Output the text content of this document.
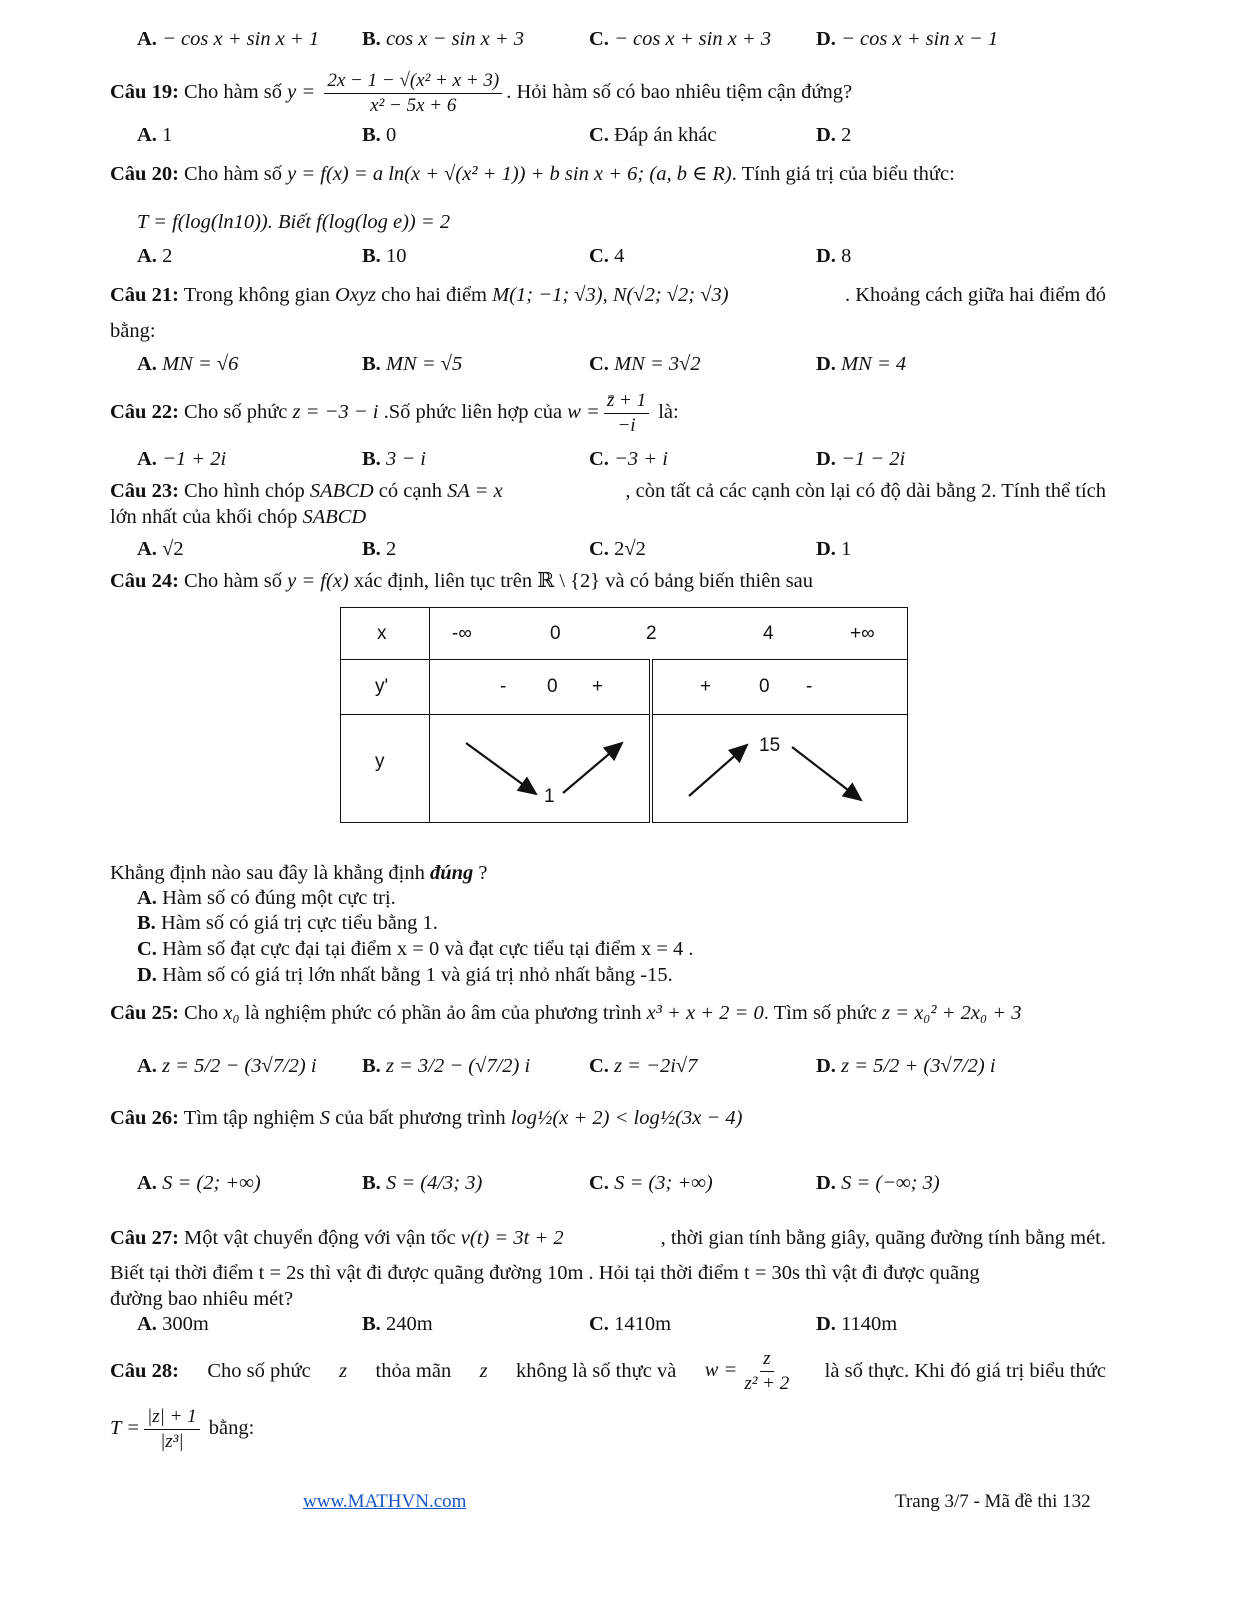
A. − cos x + sin x + 1 B. cos x − sin x + 3	C. − cos x + sin x + 3 D. − cos x + sin x − 1
Câu 19: Cho hàm số $y = \frac{\text{2x − 1 − √(x² + x + 3)}}{\text{x² − 5x + 6}}$ . Hỏi hàm số có bao nhiêu tiệm cận đứng?
A. 1	B. 0	C. Đáp án khác	D. 2
Câu 20: Cho hàm số y = f(x) = a ln(x + √(x² + 1)) + b sin x + 6; (a, b ∈ R). Tính giá trị của biểu thức:
T = f(log(ln10)). Biết f(log(log e)) = 2
A. 2	B. 10	C. 4	D. 8
Câu 21: Trong không gian Oxyz cho hai điểm M(1; −1; √3), N(√2; √2; √3)	. Khoảng cách giữa hai điểm đó
bằng:
A. MN = √6	B. MN = √5	C. MN = 3√2	D. MN = 4
Câu 22: Cho số phức z = −3 − i .Số phức liên hợp của $w = \frac{z̄ + 1}{-i}$ là:
A. −1 + 2i	B. 3 − i	C. −3 + i	D. −1 − 2i
Câu 23: Cho hình chóp SABCD có cạnh SA = x	, còn tất cả các cạnh còn lại có độ dài bằng 2. Tính thể tích
lớn nhất của khối chóp SABCD
A. √2	B. 2	C. 2√2	D. 1
Câu 24: Cho hàm số y = f(x) xác định, liên tục trên ℝ \ {2} và có bảng biến thiên sau
x	-∞ 0 2 4 +∞	

y'	- 0 +	+ 0 -

y	1	15
Khẳng định nào sau đây là khẳng định đúng ?
A. Hàm số có đúng một cực trị.
B. Hàm số có giá trị cực tiểu bằng 1.
C. Hàm số đạt cực đại tại điểm x = 0 và đạt cực tiểu tại điểm x = 4 .
D. Hàm số có giá trị lớn nhất bằng 1 và giá trị nhỏ nhất bằng -15.
Câu 25: Cho x₀ là nghiệm phức có phần ảo âm của phương trình x³ + x + 2 = 0. Tìm số phức z = x₀² + 2x₀ + 3
A. z = 5/2 − (3√7/2) i B. z = 3/2 − (√7/2) i	C. z = −2i√7	D. z = 5/2 + (3√7/2) i
Câu 26: Tìm tập nghiệm S của bất phương trình log½(x + 2) < log½(3x − 4)
A. S = (2; +∞)	B. S = (4/3; 3)	C. S = (3; +∞)	D. S = (−∞; 3)
Câu 27: Một vật chuyển động với vận tốc v(t) = 3t + 2	, thời gian tính bằng giây, quãng đường tính bằng mét.
Biết tại thời điểm t = 2s thì vật đi được quãng đường 10m . Hỏi tại thời điểm t = 30s thì vật đi được quãng
đường bao nhiêu mét?
A. 300m	B. 240m	C. 1410m	D. 1140m
Câu 28: Cho số phức z thỏa mãn z không là số thực và $w = \frac{z}{\text{z² + 2}}$ là số thực. Khi đó giá trị biểu thức
$T = \frac{|z| + 1}{\text{|z³|}}$ bằng:
www.MATHVN.com	Trang 3/7 - Mã đề thi 132
